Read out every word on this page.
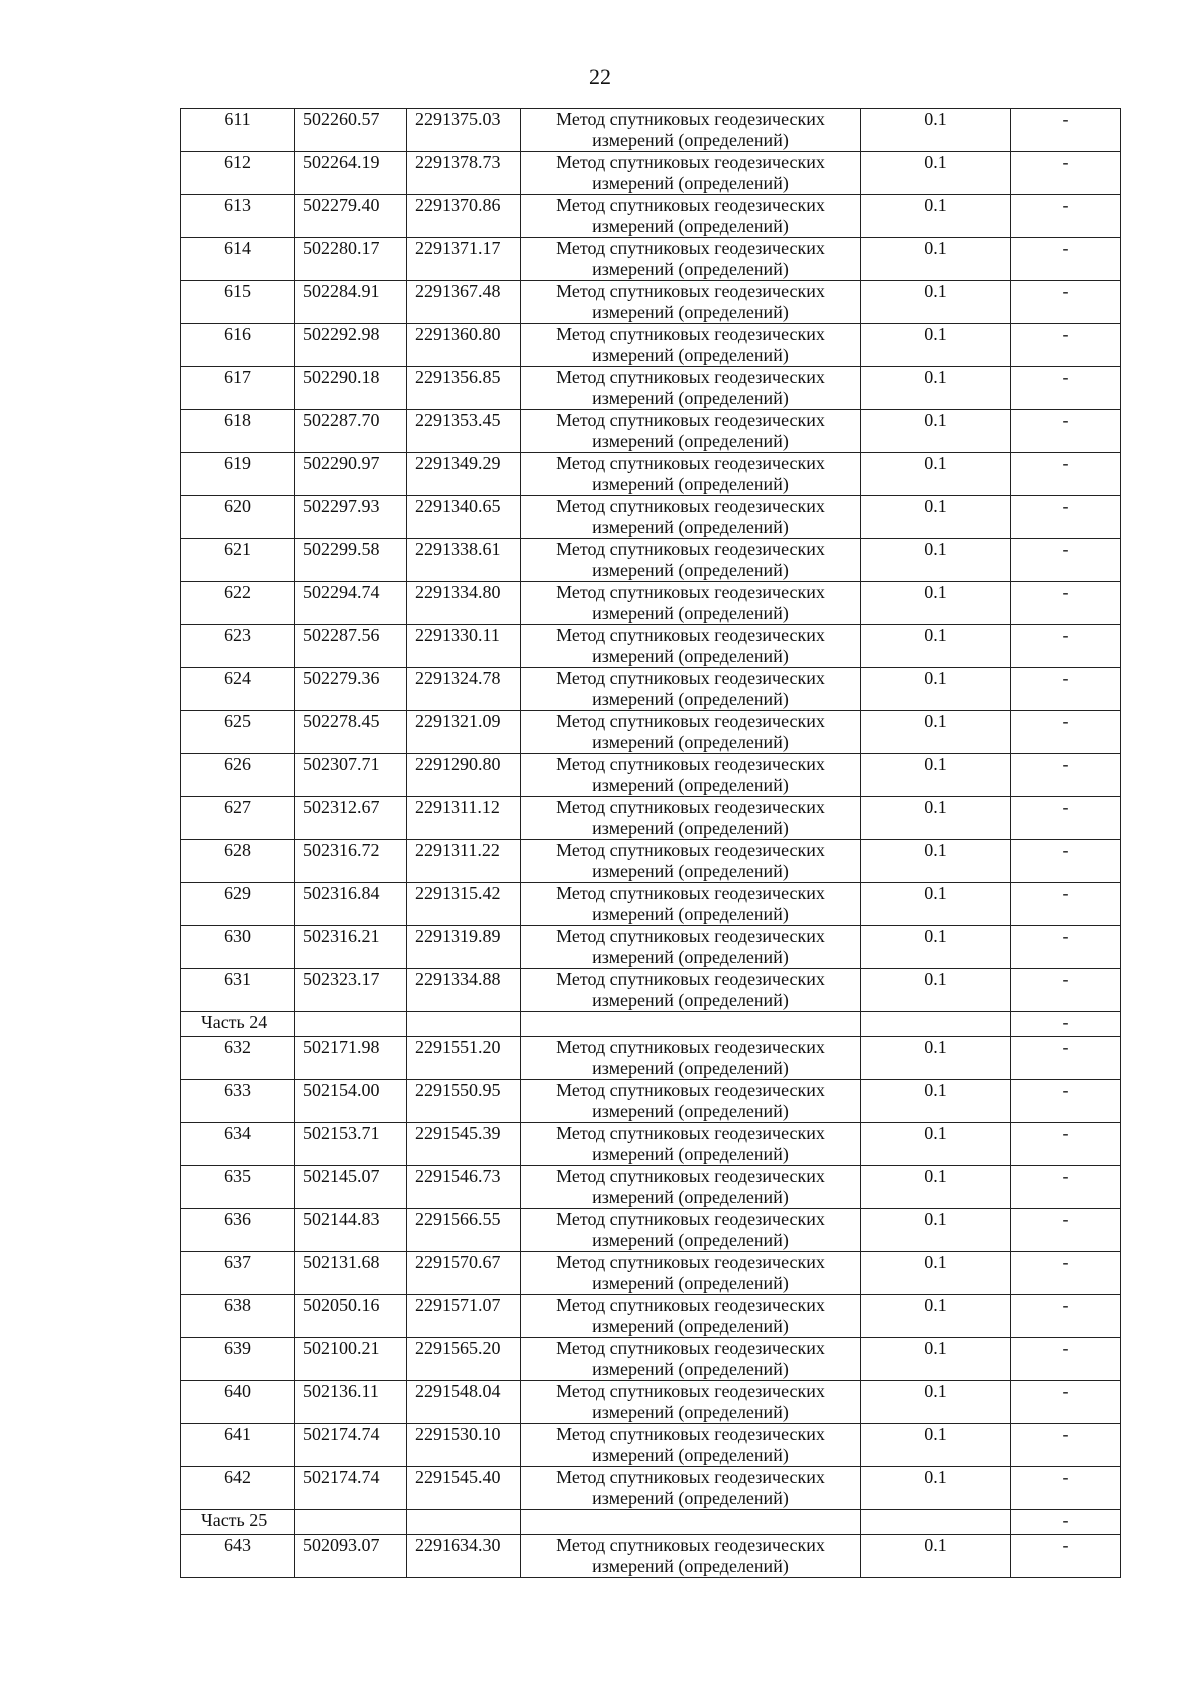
22
611	502260.57	2291375.03	Метод спутниковых геодезических измерений (определений)	0.1	-
612	502264.19	2291378.73	Метод спутниковых геодезических измерений (определений)	0.1	-
613	502279.40	2291370.86	Метод спутниковых геодезических измерений (определений)	0.1	-
614	502280.17	2291371.17	Метод спутниковых геодезических измерений (определений)	0.1	-
615	502284.91	2291367.48	Метод спутниковых геодезических измерений (определений)	0.1	-
616	502292.98	2291360.80	Метод спутниковых геодезических измерений (определений)	0.1	-
617	502290.18	2291356.85	Метод спутниковых геодезических измерений (определений)	0.1	-
618	502287.70	2291353.45	Метод спутниковых геодезических измерений (определений)	0.1	-
619	502290.97	2291349.29	Метод спутниковых геодезических измерений (определений)	0.1	-
620	502297.93	2291340.65	Метод спутниковых геодезических измерений (определений)	0.1	-
621	502299.58	2291338.61	Метод спутниковых геодезических измерений (определений)	0.1	-
622	502294.74	2291334.80	Метод спутниковых геодезических измерений (определений)	0.1	-
623	502287.56	2291330.11	Метод спутниковых геодезических измерений (определений)	0.1	-
624	502279.36	2291324.78	Метод спутниковых геодезических измерений (определений)	0.1	-
625	502278.45	2291321.09	Метод спутниковых геодезических измерений (определений)	0.1	-
626	502307.71	2291290.80	Метод спутниковых геодезических измерений (определений)	0.1	-
627	502312.67	2291311.12	Метод спутниковых геодезических измерений (определений)	0.1	-
628	502316.72	2291311.22	Метод спутниковых геодезических измерений (определений)	0.1	-
629	502316.84	2291315.42	Метод спутниковых геодезических измерений (определений)	0.1	-
630	502316.21	2291319.89	Метод спутниковых геодезических измерений (определений)	0.1	-
631	502323.17	2291334.88	Метод спутниковых геодезических измерений (определений)	0.1	-
Часть 24					-
632	502171.98	2291551.20	Метод спутниковых геодезических измерений (определений)	0.1	-
633	502154.00	2291550.95	Метод спутниковых геодезических измерений (определений)	0.1	-
634	502153.71	2291545.39	Метод спутниковых геодезических измерений (определений)	0.1	-
635	502145.07	2291546.73	Метод спутниковых геодезических измерений (определений)	0.1	-
636	502144.83	2291566.55	Метод спутниковых геодезических измерений (определений)	0.1	-
637	502131.68	2291570.67	Метод спутниковых геодезических измерений (определений)	0.1	-
638	502050.16	2291571.07	Метод спутниковых геодезических измерений (определений)	0.1	-
639	502100.21	2291565.20	Метод спутниковых геодезических измерений (определений)	0.1	-
640	502136.11	2291548.04	Метод спутниковых геодезических измерений (определений)	0.1	-
641	502174.74	2291530.10	Метод спутниковых геодезических измерений (определений)	0.1	-
642	502174.74	2291545.40	Метод спутниковых геодезических измерений (определений)	0.1	-
Часть 25					-
643	502093.07	2291634.30	Метод спутниковых геодезических измерений (определений)	0.1	-
